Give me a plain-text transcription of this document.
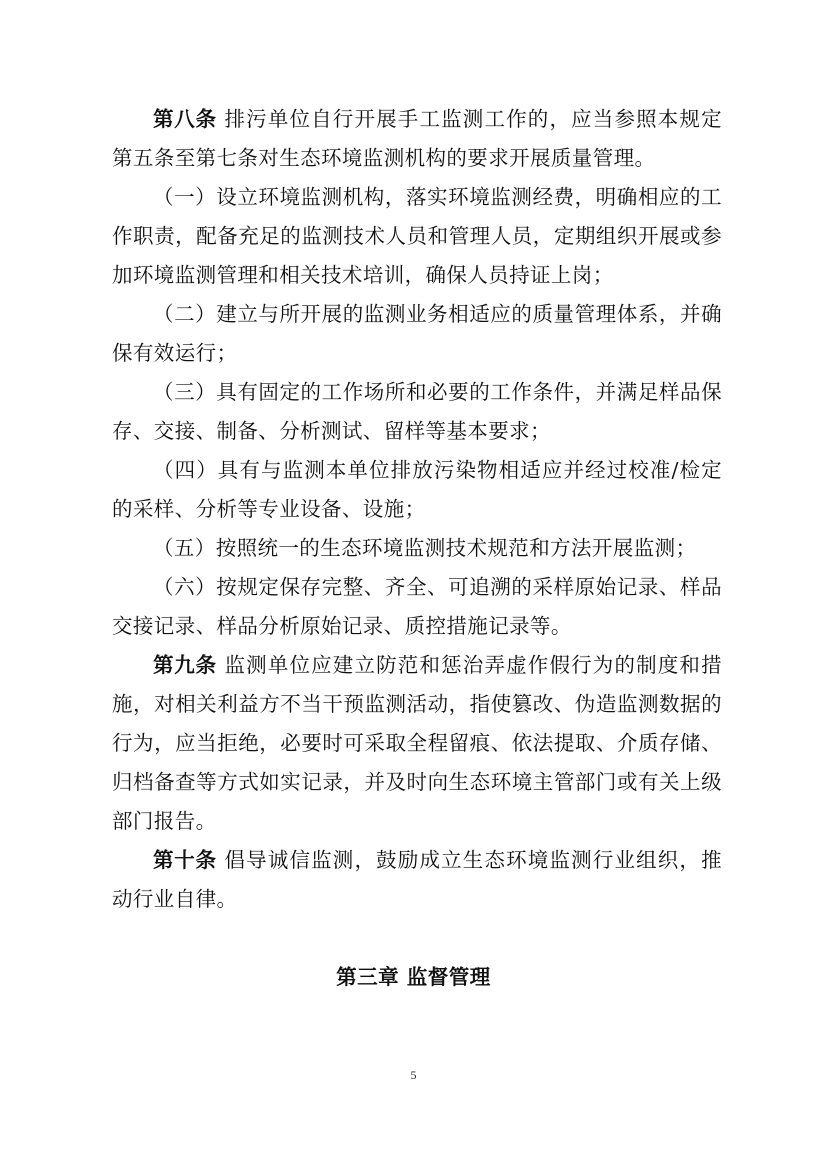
第八条 排污单位自行开展手工监测工作的，应当参照本规定第五条至第七条对生态环境监测机构的要求开展质量管理。

（一）设立环境监测机构，落实环境监测经费，明确相应的工作职责，配备充足的监测技术人员和管理人员，定期组织开展或参加环境监测管理和相关技术培训，确保人员持证上岗；

（二）建立与所开展的监测业务相适应的质量管理体系，并确保有效运行；

（三）具有固定的工作场所和必要的工作条件，并满足样品保存、交接、制备、分析测试、留样等基本要求；

（四）具有与监测本单位排放污染物相适应并经过校准/检定的采样、分析等专业设备、设施；

（五）按照统一的生态环境监测技术规范和方法开展监测；

（六）按规定保存完整、齐全、可追溯的采样原始记录、样品交接记录、样品分析原始记录、质控措施记录等。

第九条 监测单位应建立防范和惩治弄虚作假行为的制度和措施，对相关利益方不当干预监测活动，指使篡改、伪造监测数据的行为，应当拒绝，必要时可采取全程留痕、依法提取、介质存储、归档备查等方式如实记录，并及时向生态环境主管部门或有关上级部门报告。

第十条 倡导诚信监测，鼓励成立生态环境监测行业组织，推动行业自律。

第三章 监督管理
5
